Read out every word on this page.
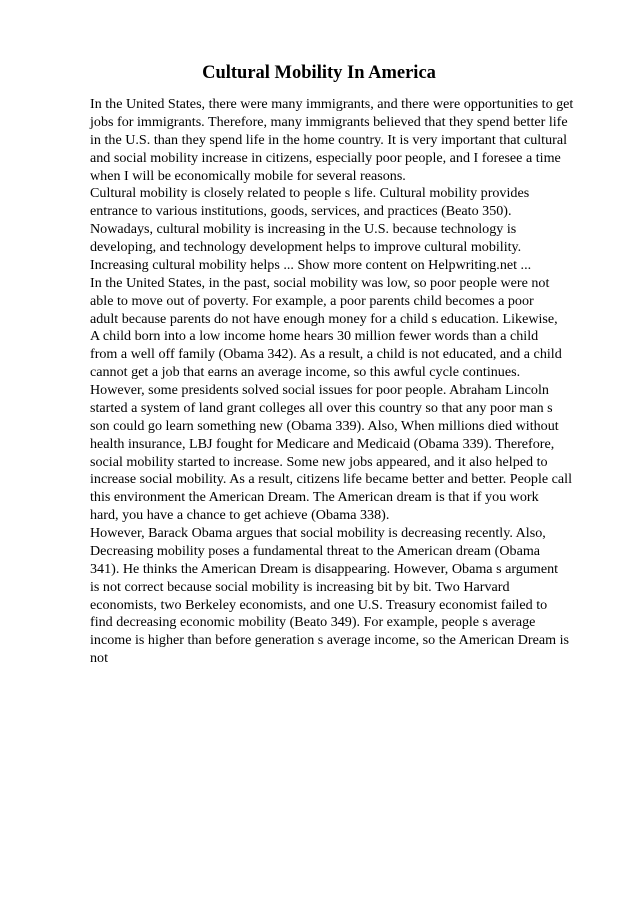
Cultural Mobility In America
In the United States, there were many immigrants, and there were opportunities to get
jobs for immigrants. Therefore, many immigrants believed that they spend better life
in the U.S. than they spend life in the home country. It is very important that cultural
and social mobility increase in citizens, especially poor people, and I foresee a time
when I will be economically mobile for several reasons.
Cultural mobility is closely related to people s life. Cultural mobility provides
entrance to various institutions, goods, services, and practices (Beato 350).
Nowadays, cultural mobility is increasing in the U.S. because technology is
developing, and technology development helps to improve cultural mobility.
Increasing cultural mobility helps ... Show more content on Helpwriting.net ...
In the United States, in the past, social mobility was low, so poor people were not
able to move out of poverty. For example, a poor parents child becomes a poor
adult because parents do not have enough money for a child s education. Likewise,
A child born into a low income home hears 30 million fewer words than a child
from a well off family (Obama 342). As a result, a child is not educated, and a child
cannot get a job that earns an average income, so this awful cycle continues.
However, some presidents solved social issues for poor people. Abraham Lincoln
started a system of land grant colleges all over this country so that any poor man s
son could go learn something new (Obama 339). Also, When millions died without
health insurance, LBJ fought for Medicare and Medicaid (Obama 339). Therefore,
social mobility started to increase. Some new jobs appeared, and it also helped to
increase social mobility. As a result, citizens life became better and better. People call
this environment the American Dream. The American dream is that if you work
hard, you have a chance to get achieve (Obama 338).
However, Barack Obama argues that social mobility is decreasing recently. Also,
Decreasing mobility poses a fundamental threat to the American dream (Obama
341). He thinks the American Dream is disappearing. However, Obama s argument
is not correct because social mobility is increasing bit by bit. Two Harvard
economists, two Berkeley economists, and one U.S. Treasury economist failed to
find decreasing economic mobility (Beato 349). For example, people s average
income is higher than before generation s average income, so the American Dream is
not
